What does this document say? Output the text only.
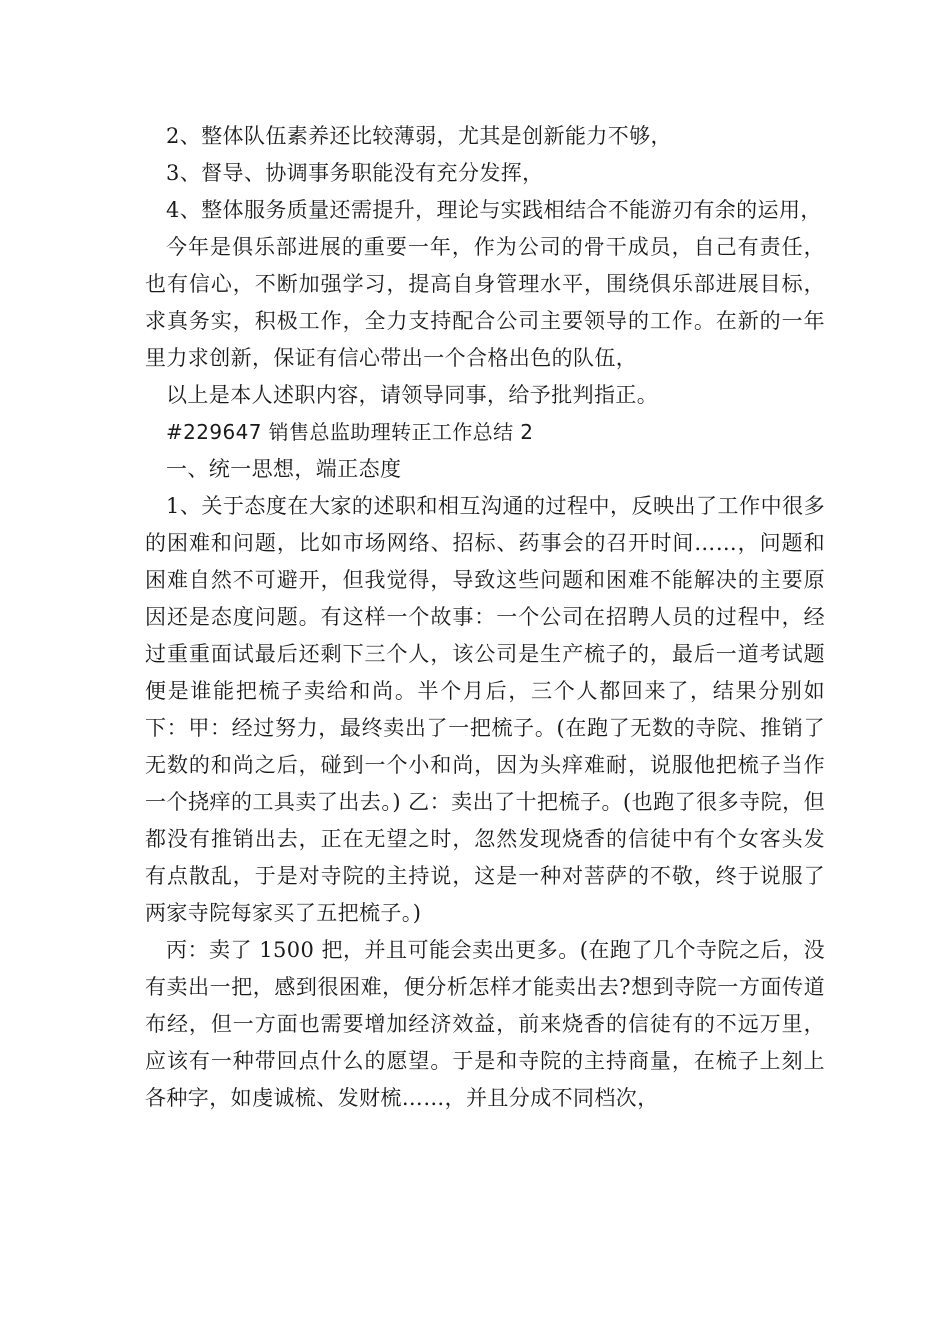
2、整体队伍素养还比较薄弱，尤其是创新能力不够，

3、督导、协调事务职能没有充分发挥，

4、整体服务质量还需提升，理论与实践相结合不能游刃有余的运用，

今年是俱乐部进展的重要一年，作为公司的骨干成员，自己有责任，也有信心，不断加强学习，提高自身管理水平，围绕俱乐部进展目标，求真务实，积极工作，全力支持配合公司主要领导的工作。在新的一年里力求创新，保证有信心带出一个合格出色的队伍，

以上是本人述职内容，请领导同事，给予批判指正。

#229647 销售总监助理转正工作总结 2

一、统一思想，端正态度

1、关于态度在大家的述职和相互沟通的过程中，反映出了工作中很多的困难和问题，比如市场网络、招标、药事会的召开时间……，问题和困难自然不可避开，但我觉得，导致这些问题和困难不能解决的主要原因还是态度问题。有这样一个故事：一个公司在招聘人员的过程中，经过重重面试最后还剩下三个人，该公司是生产梳子的，最后一道考试题便是谁能把梳子卖给和尚。半个月后，三个人都回来了，结果分别如下：甲：经过努力，最终卖出了一把梳子。(在跑了无数的寺院、推销了无数的和尚之后，碰到一个小和尚，因为头痒难耐，说服他把梳子当作一个挠痒的工具卖了出去。) 乙：卖出了十把梳子。(也跑了很多寺院，但都没有推销出去，正在无望之时，忽然发现烧香的信徒中有个女客头发有点散乱，于是对寺院的主持说，这是一种对菩萨的不敬，终于说服了两家寺院每家买了五把梳子。)

丙：卖了 1500 把，并且可能会卖出更多。(在跑了几个寺院之后，没有卖出一把，感到很困难，便分析怎样才能卖出去?想到寺院一方面传道布经，但一方面也需要增加经济效益，前来烧香的信徒有的不远万里，应该有一种带回点什么的愿望。于是和寺院的主持商量，在梳子上刻上各种字，如虔诚梳、发财梳……，并且分成不同档次，
